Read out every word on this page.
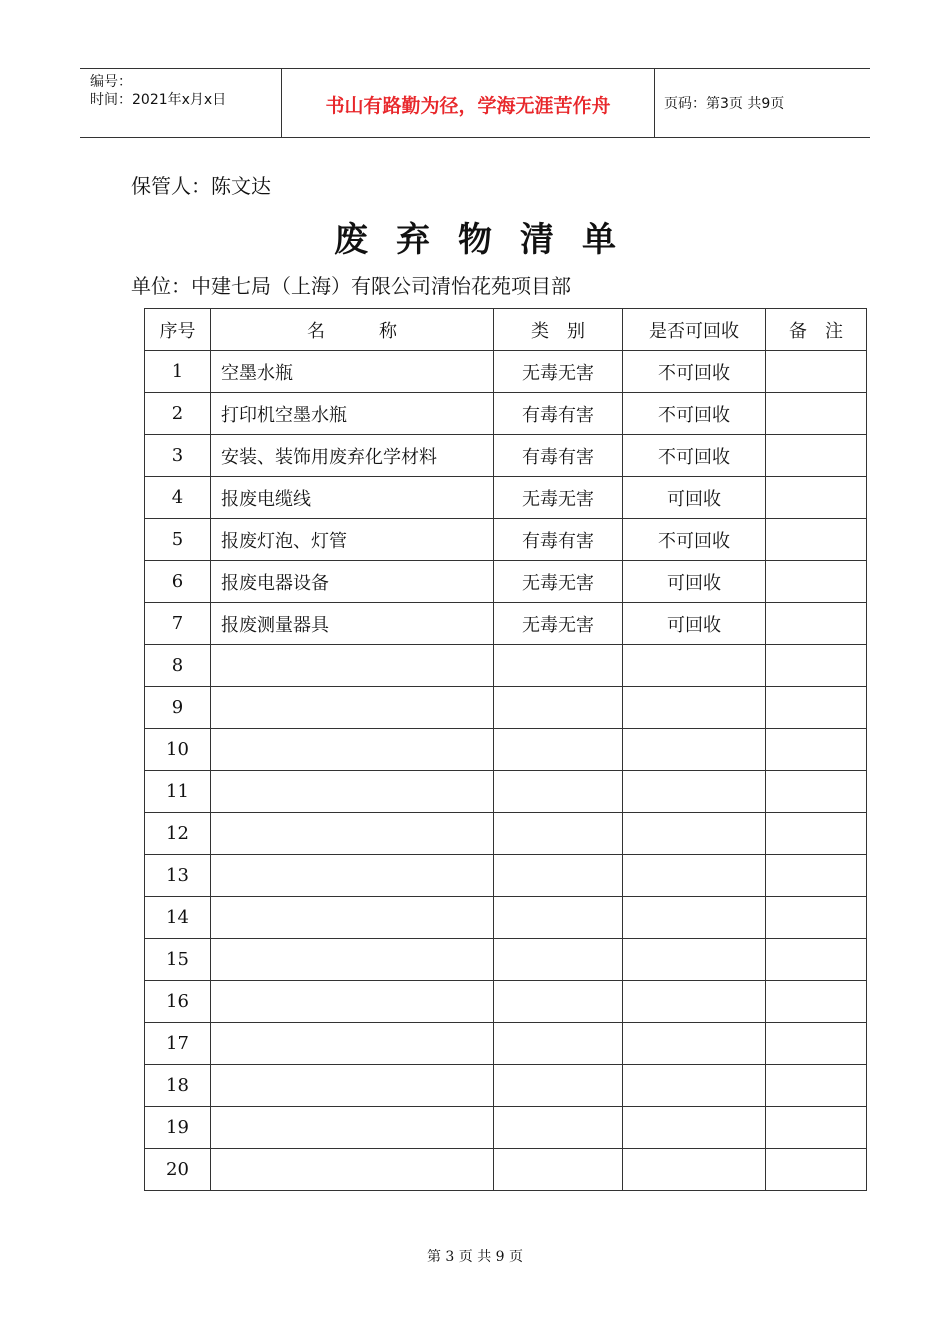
编号：
时间：2021年x月x日	书山有路勤为径，学海无涯苦作舟	页码：第3页 共9页
保管人：陈文达
废弃物清单
单位：中建七局（上海）有限公司清怡花苑项目部
序号	名　　　称	类　别	是否可回收	备　注
1	空墨水瓶	无毒无害	不可回收	
2	打印机空墨水瓶	有毒有害	不可回收	
3	安装、装饰用废弃化学材料	有毒有害	不可回收	
4	报废电缆线	无毒无害	可回收	
5	报废灯泡、灯管	有毒有害	不可回收	
6	报废电器设备	无毒无害	可回收	
7	报废测量器具	无毒无害	可回收	
8				
9				
10				
11				
12				
13				
14				
15				
16				
17				
18				
19				
20				
第 3 页 共 9 页
